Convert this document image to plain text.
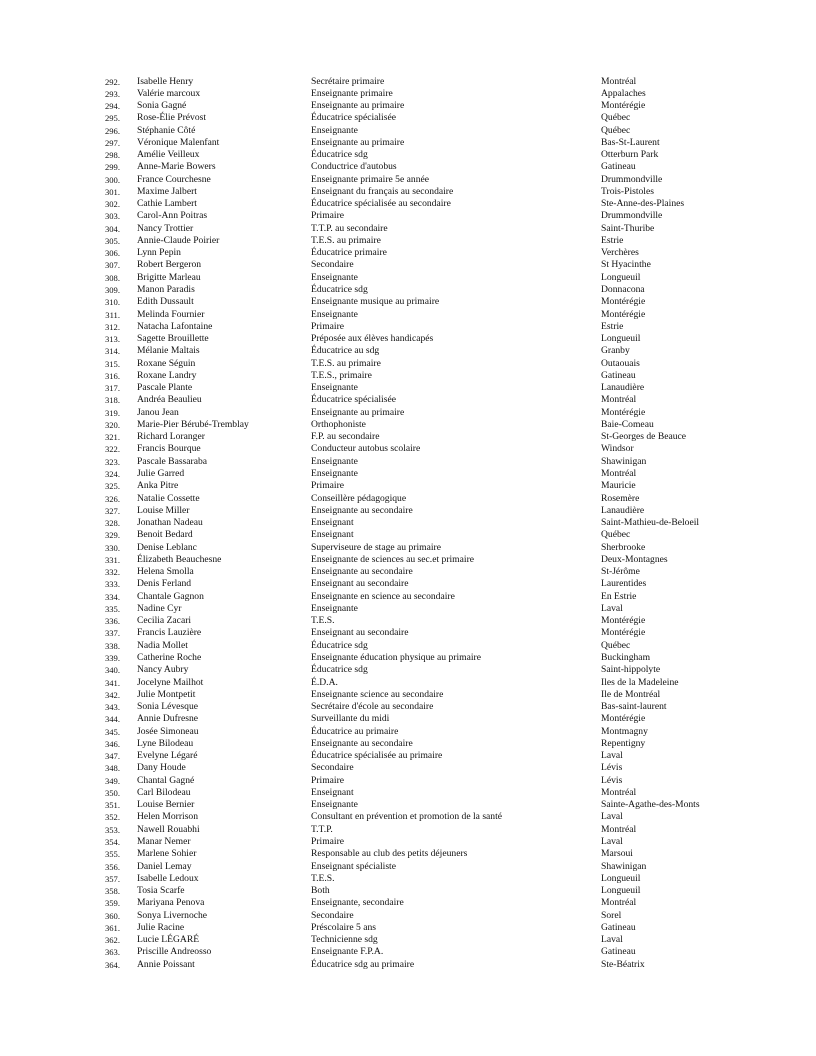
292. Isabelle Henry	Secrétaire primaire	Montréal
293. Valérie marcoux	Enseignante primaire	Appalaches
294. Sonia Gagné	Enseignante au primaire	Montérégie
295. Rose-Élie Prévost	Éducatrice spécialisée	Québec
296. Stéphanie Côté	Enseignante	Québec
297. Véronique Malenfant	Enseignante au primaire	Bas-St-Laurent
298. Amélie Veilleux	Éducatrice sdg	Otterburn Park
299. Anne-Marie Bowers	Conductrice d'autobus	Gatineau
300. France Courchesne	Enseignante primaire 5e année	Drummondville
301. Maxime Jalbert	Enseignant du français au secondaire	Trois-Pistoles
302. Cathie Lambert	Éducatrice spécialisée au secondaire	Ste-Anne-des-Plaines
303. Carol-Ann Poitras	Primaire	Drummondville
304. Nancy Trottier	T.T.P. au secondaire	Saint-Thuribe
305. Annie-Claude Poirier	T.E.S. au primaire	Estrie
306. Lynn Pepin	Éducatrice primaire	Verchères
307. Robert Bergeron	Secondaire	St Hyacinthe
308. Brigitte Marleau	Enseignante	Longueuil
309. Manon Paradis	Éducatrice sdg	Donnacona
310. Edith Dussault	Enseignante musique au primaire	Montérégie
311. Melinda Fournier	Enseignante	Montérégie
312. Natacha Lafontaine	Primaire	Estrie
313. Sagette Brouillette	Préposée aux élèves handicapés	Longueuil
314. Mélanie Maltais	Éducatrice au sdg	Granby
315. Roxane Séguin	T.E.S. au primaire	Outaouais
316. Roxane Landry	T.E.S., primaire	Gatineau
317. Pascale Plante	Enseignante	Lanaudière
318. Andréa Beaulieu	Éducatrice spécialisée	Montréal
319. Janou Jean	Enseignante au primaire	Montérégie
320. Marie-Pier Bérubé-Tremblay	Orthophoniste	Baie-Comeau
321. Richard Loranger	F.P. au secondaire	St-Georges de Beauce
322. Francis Bourque	Conducteur autobus scolaire	Windsor
323. Pascale Bassaraba	Enseignante	Shawinigan
324. Julie Garred	Enseignante	Montréal
325. Anka Pitre	Primaire	Mauricie
326. Natalie Cossette	Conseillère pédagogique	Rosemère
327. Louise Miller	Enseignante au secondaire	Lanaudière
328. Jonathan Nadeau	Enseignant	Saint-Mathieu-de-Beloeil
329. Benoit Bedard	Enseignant	Québec
330. Denise Leblanc	Superviseure de stage au primaire	Sherbrooke
331. Élizabeth Beauchesne	Enseignante de sciences au sec.et primaire	Deux-Montagnes
332. Helena Smolla	Enseignante au secondaire	St-Jérôme
333. Denis Ferland	Enseignant au secondaire	Laurentides
334. Chantale Gagnon	Enseignante en science au secondaire	En Estrie
335. Nadine Cyr	Enseignante	Laval
336. Cecilia Zacari	T.E.S.	Montérégie
337. Francis Lauzière	Enseignant au secondaire	Montérégie
338. Nadia Mollet	Éducatrice sdg	Québec
339. Catherine Roche	Enseignante éducation physique au primaire	Buckingham
340. Nancy Aubry	Éducatrice sdg	Saint-hippolyte
341. Jocelyne Mailhot	É.D.A.	Iles de la Madeleine
342. Julie Montpetit	Enseignante science au secondaire	Ile de Montréal
343. Sonia Lévesque	Secrétaire d'école au secondaire	Bas-saint-laurent
344. Annie Dufresne	Surveillante du midi	Montérégie
345. Josée Simoneau	Éducatrice au primaire	Montmagny
346. Lyne Bilodeau	Enseignante au secondaire	Repentigny
347. Evelyne Légaré	Éducatrice spécialisée au primaire	Laval
348. Dany Houde	Secondaire	Lévis
349. Chantal Gagné	Primaire	Lévis
350. Carl Bilodeau	Enseignant	Montréal
351. Louise Bernier	Enseignante	Sainte-Agathe-des-Monts
352. Helen Morrison	Consultant en prévention et promotion de la santé	Laval
353. Nawell Rouabhi	T.T.P.	Montréal
354. Manar Nemer	Primaire	Laval
355. Marlene Sohier	Responsable au club des petits déjeuners	Marsoui
356. Daniel Lemay	Enseignant spécialiste	Shawinigan
357. Isabelle Ledoux	T.E.S.	Longueuil
358. Tosia Scarfe	Both	Longueuil
359. Mariyana Penova	Enseignante, secondaire	Montréal
360. Sonya Livernoche	Secondaire	Sorel
361. Julie Racine	Préscolaire 5 ans	Gatineau
362. Lucie LÉGARÉ	Technicienne sdg	Laval
363. Priscille Andreosso	Enseignante F.P.A.	Gatineau
364. Annie Poissant	Éducatrice sdg au primaire	Ste-Béatrix
